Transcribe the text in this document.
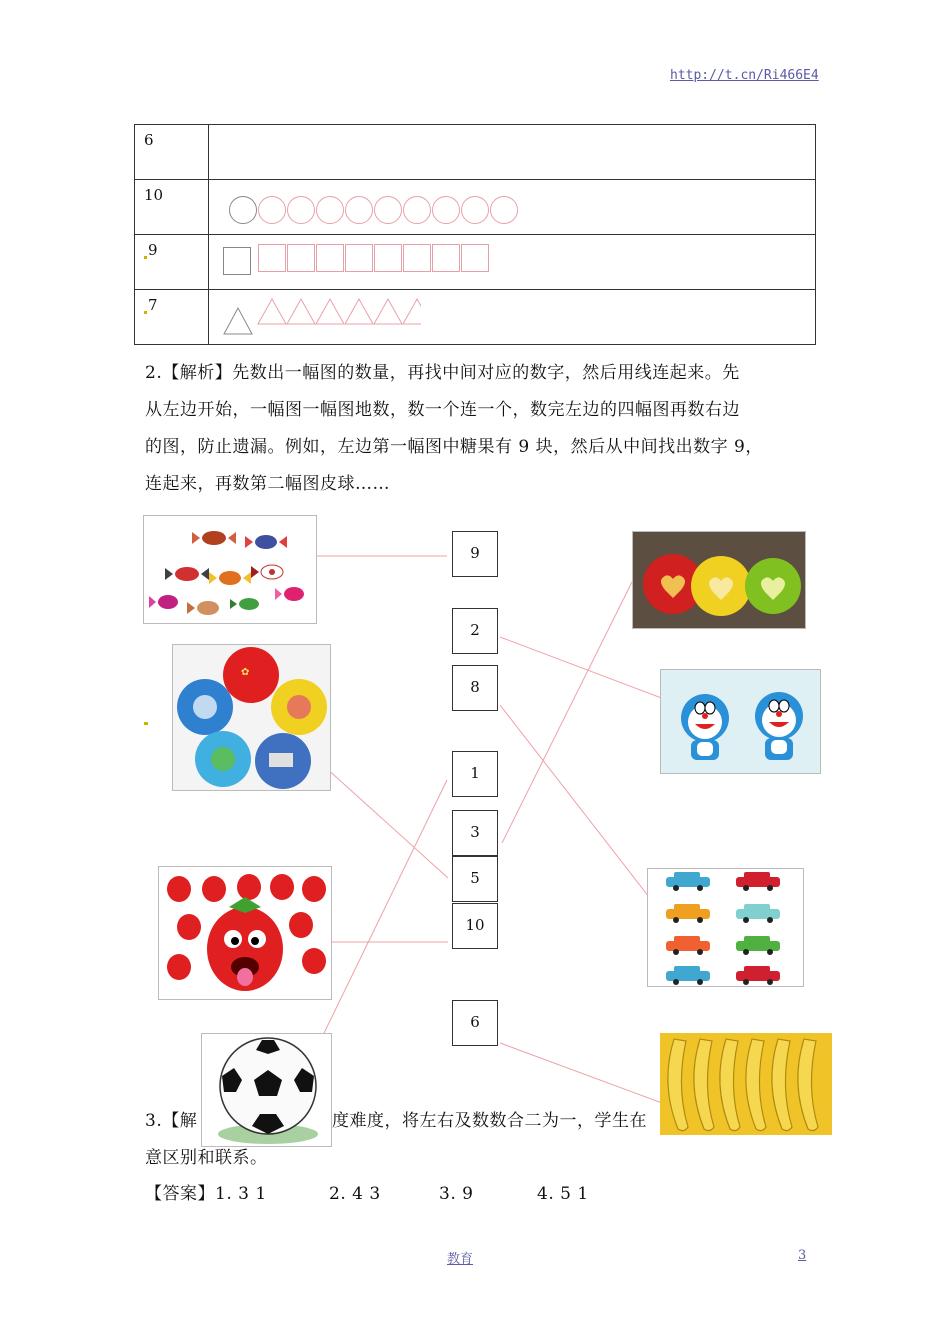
http://t.cn/Ri466E4
6	
10	

9	

7	
2.【解析】先数出一幅图的数量，再找中间对应的数字，然后用线连起来。先
从左边开始，一幅图一幅图地数，数一个连一个，数完左边的四幅图再数右边
的图，防止遗漏。例如，左边第一幅图中糖果有 9 块，然后从中间找出数字 9，
连起来，再数第二幅图皮球……
✿
9
2
8
1
3
5
10
6
3.【解	度难度，将左右及数数合二为一，学生在
意区别和联系。
【答案】1. 3 1	2. 4 3	3. 9	4. 5 1
教育	3
